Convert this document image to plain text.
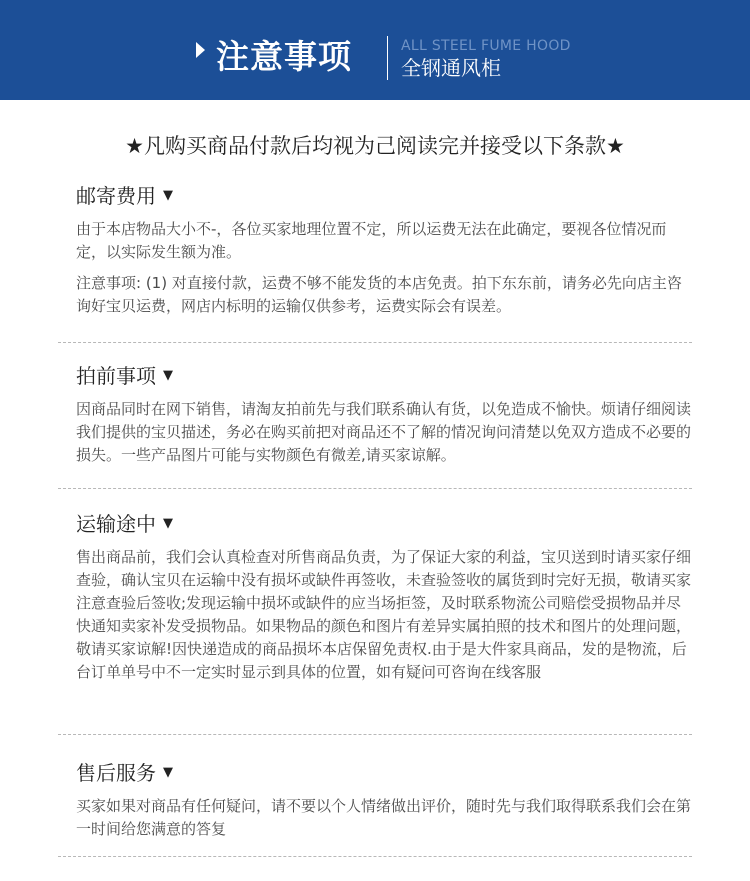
注意事项	ALL STEEL FUME HOOD
全钢通风柜
★凡购买商品付款后均视为己阅读完并接受以下条款★
邮寄费用 ▼

由于本店物品大小不-，各位买家地理位置不定，所以运费无法在此确定，要视各位情况而定，以实际发生额为准。

注意事项: (1) 对直接付款，运费不够不能发货的本店免责。拍下东东前，请务必先向店主咨询好宝贝运费，网店内标明的运输仅供参考，运费实际会有误差。

拍前事项 ▼

因商品同时在网下销售，请淘友拍前先与我们联系确认有货，以免造成不愉快。烦请仔细阅读我们提供的宝贝描述，务必在购买前把对商品还不了解的情况询问清楚以免双方造成不必要的损失。一些产品图片可能与实物颜色有微差,请买家谅解。

运输途中 ▼

售出商品前，我们会认真检查对所售商品负责，为了保证大家的利益，宝贝送到时请买家仔细查验，确认宝贝在运输中没有损坏或缺件再签收，未查验签收的属货到时完好无损，敬请买家注意查验后签收;发现运输中损坏或缺件的应当场拒签，及时联系物流公司赔偿受损物品并尽快通知卖家补发受损物品。如果物品的颜色和图片有差异实属拍照的技术和图片的处理问题，敬请买家谅解!因快递造成的商品损坏本店保留免责权.由于是大件家具商品，发的是物流，后台订单单号中不一定实时显示到具体的位置，如有疑问可咨询在线客服

售后服务 ▼

买家如果对商品有任何疑问，请不要以个人情绪做出评价，随时先与我们取得联系我们会在第一时间给您满意的答复
